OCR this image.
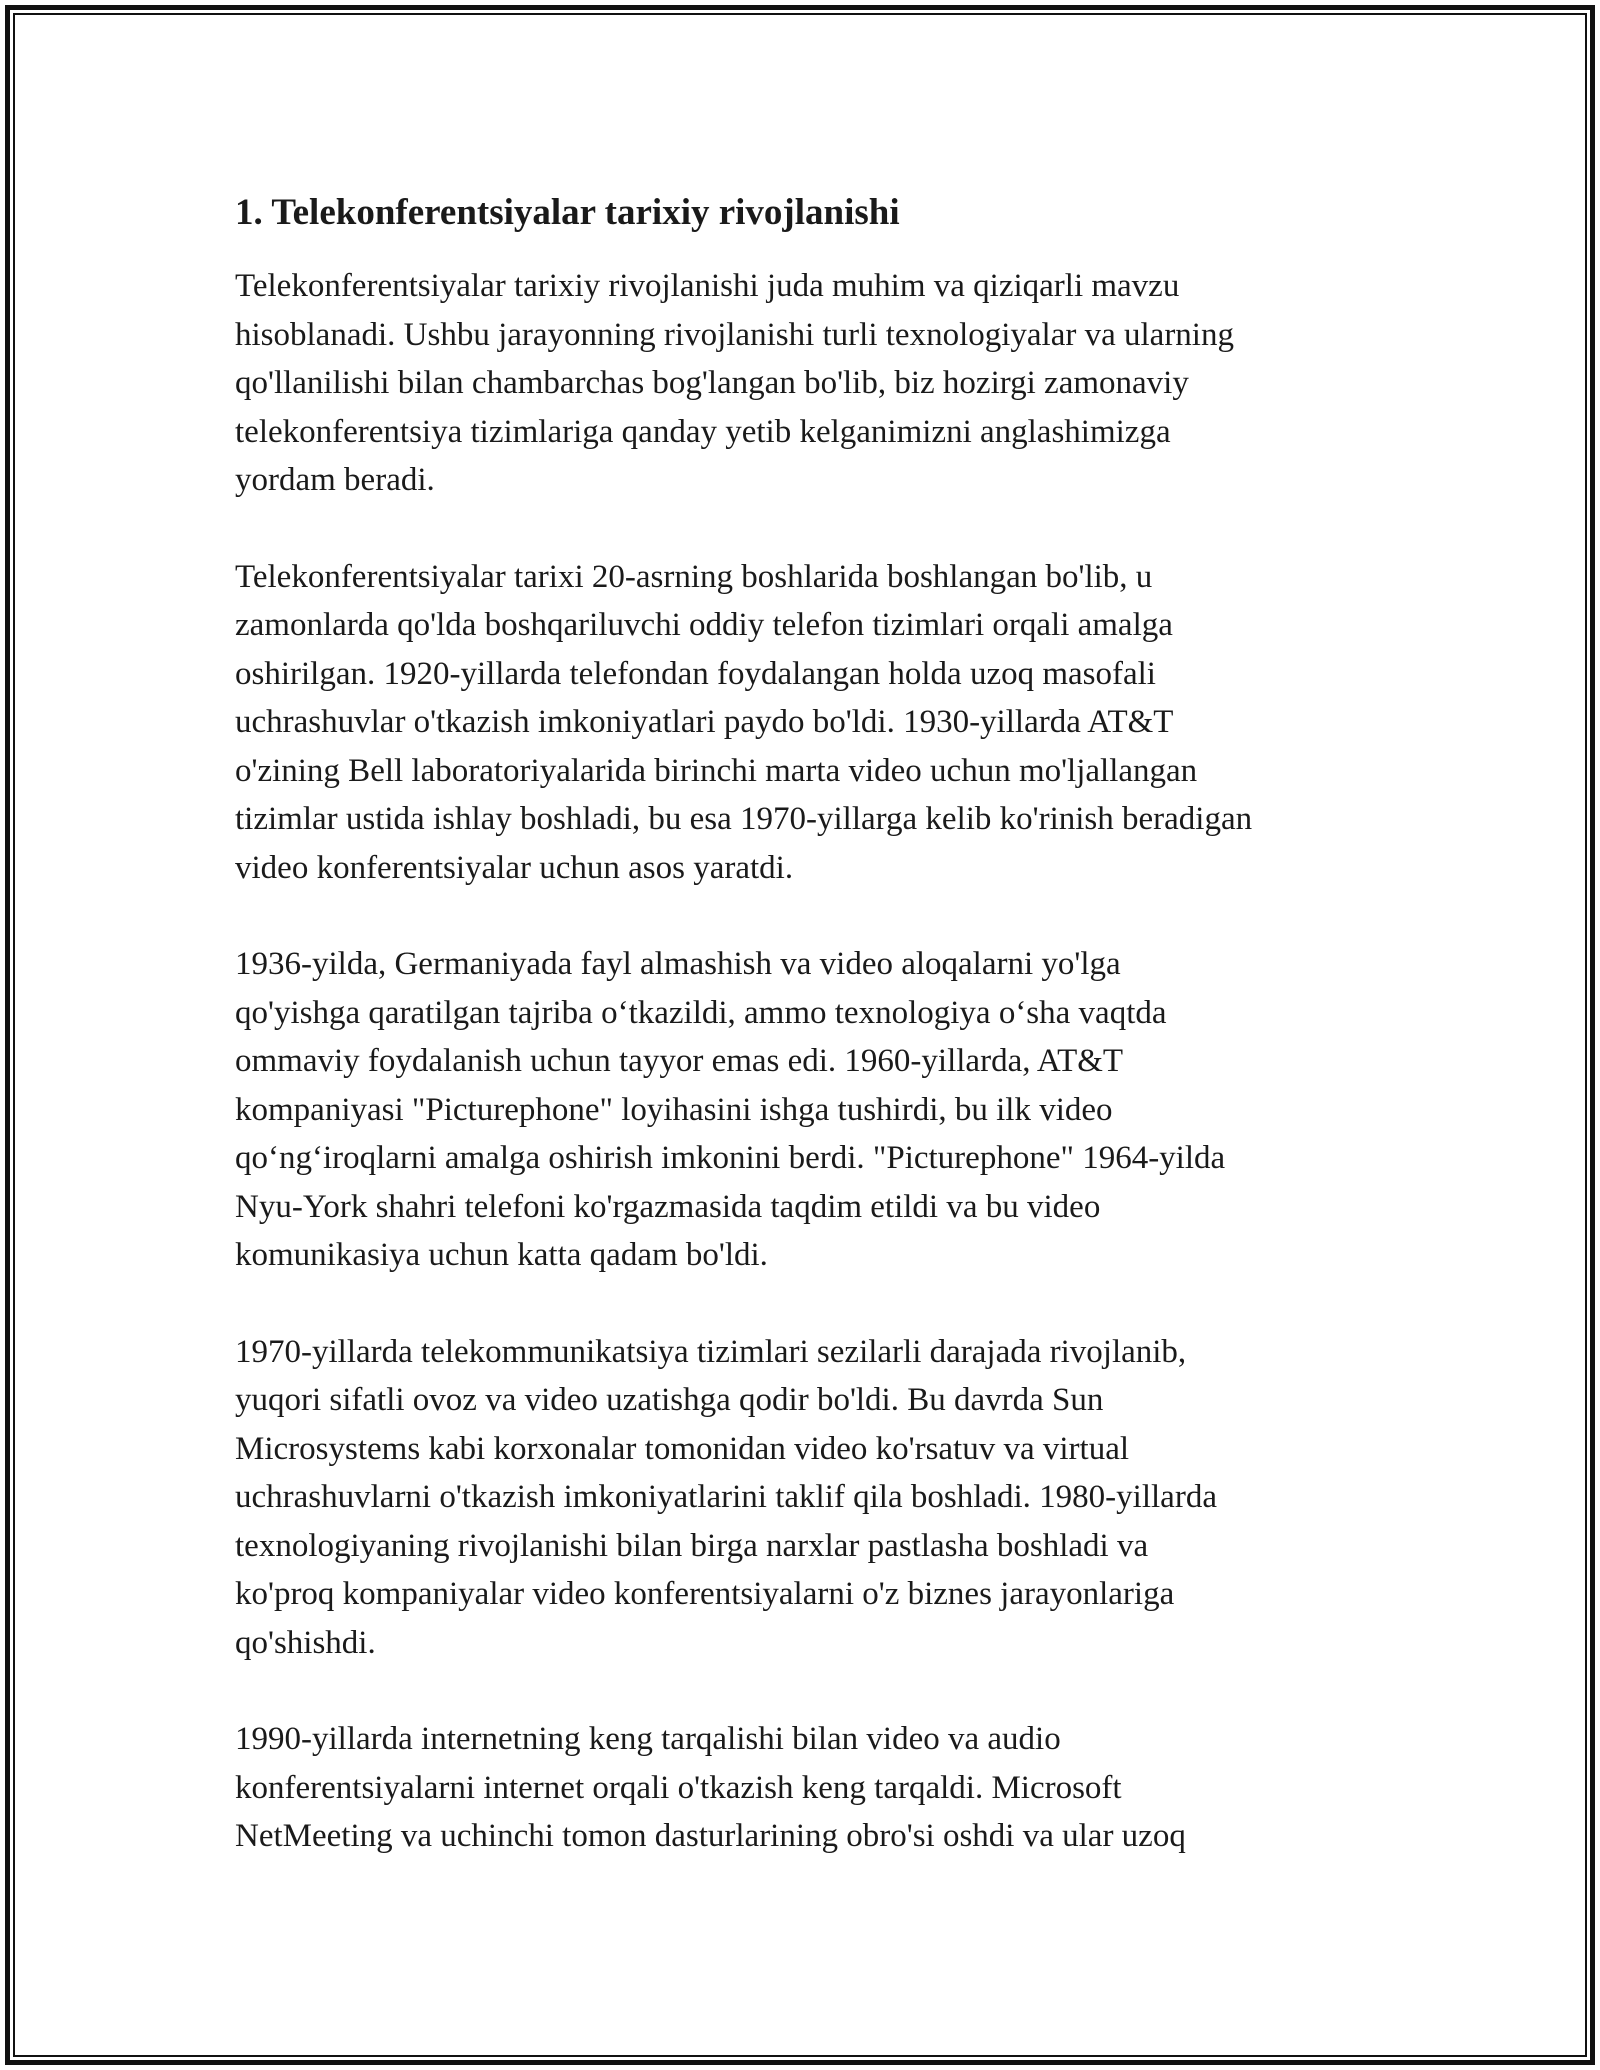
1. Telekonferentsiyalar tarixiy rivojlanishi

Telekonferentsiyalar tarixiy rivojlanishi juda muhim va qiziqarli mavzu
hisoblanadi. Ushbu jarayonning rivojlanishi turli texnologiyalar va ularning
qo'llanilishi bilan chambarchas bog'langan bo'lib, biz hozirgi zamonaviy
telekonferentsiya tizimlariga qanday yetib kelganimizni anglashimizga
yordam beradi.

Telekonferentsiyalar tarixi 20-asrning boshlarida boshlangan bo'lib, u
zamonlarda qo'lda boshqariluvchi oddiy telefon tizimlari orqali amalga
oshirilgan. 1920-yillarda telefondan foydalangan holda uzoq masofali
uchrashuvlar o'tkazish imkoniyatlari paydo bo'ldi. 1930-yillarda AT&T
o'zining Bell laboratoriyalarida birinchi marta video uchun mo'ljallangan
tizimlar ustida ishlay boshladi, bu esa 1970-yillarga kelib ko'rinish beradigan
video konferentsiyalar uchun asos yaratdi.

1936-yilda, Germaniyada fayl almashish va video aloqalarni yo'lga
qo'yishga qaratilgan tajriba o‘tkazildi, ammo texnologiya o‘sha vaqtda
ommaviy foydalanish uchun tayyor emas edi. 1960-yillarda, AT&T
kompaniyasi "Picturephone" loyihasini ishga tushirdi, bu ilk video
qo‘ng‘iroqlarni amalga oshirish imkonini berdi. "Picturephone" 1964-yilda
Nyu-York shahri telefoni ko'rgazmasida taqdim etildi va bu video
komunikasiya uchun katta qadam bo'ldi.

1970-yillarda telekommunikatsiya tizimlari sezilarli darajada rivojlanib,
yuqori sifatli ovoz va video uzatishga qodir bo'ldi. Bu davrda Sun
Microsystems kabi korxonalar tomonidan video ko'rsatuv va virtual
uchrashuvlarni o'tkazish imkoniyatlarini taklif qila boshladi. 1980-yillarda
texnologiyaning rivojlanishi bilan birga narxlar pastlasha boshladi va
ko'proq kompaniyalar video konferentsiyalarni o'z biznes jarayonlariga
qo'shishdi.

1990-yillarda internetning keng tarqalishi bilan video va audio
konferentsiyalarni internet orqali o'tkazish keng tarqaldi. Microsoft
NetMeeting va uchinchi tomon dasturlarining obro'si oshdi va ular uzoq
